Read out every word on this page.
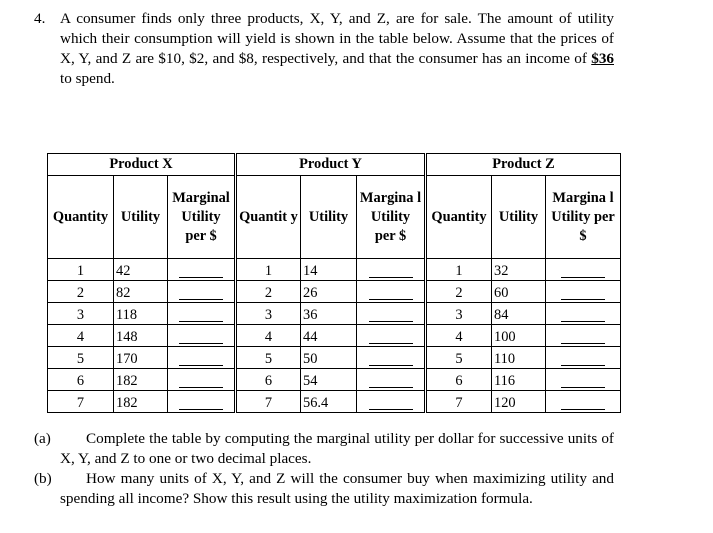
4. A consumer finds only three products, X, Y, and Z, are for sale. The amount of utility which their consumption will yield is shown in the table below. Assume that the prices of X, Y, and Z are $10, $2, and $8, respectively, and that the consumer has an income of $36 to spend.
Product X			Product Y			Product Z		
Quantity	Utility	Marginal Utility per $	Quantit y	Utility	Margina l Utility per $	Quantity	Utility	Margina l Utility per $
1	42		1	14		1	32	
2	82		2	26		2	60	
3	118		3	36		3	84	
4	148		4	44		4	100	
5	170		5	50		5	110	
6	182		6	54		6	116	
7	182		7	56.4		7	120	
(a) Complete the table by computing the marginal utility per dollar for successive units of X, Y, and Z to one or two decimal places.
(b) How many units of X, Y, and Z will the consumer buy when maximizing utility and spending all income? Show this result using the utility maximization formula.
